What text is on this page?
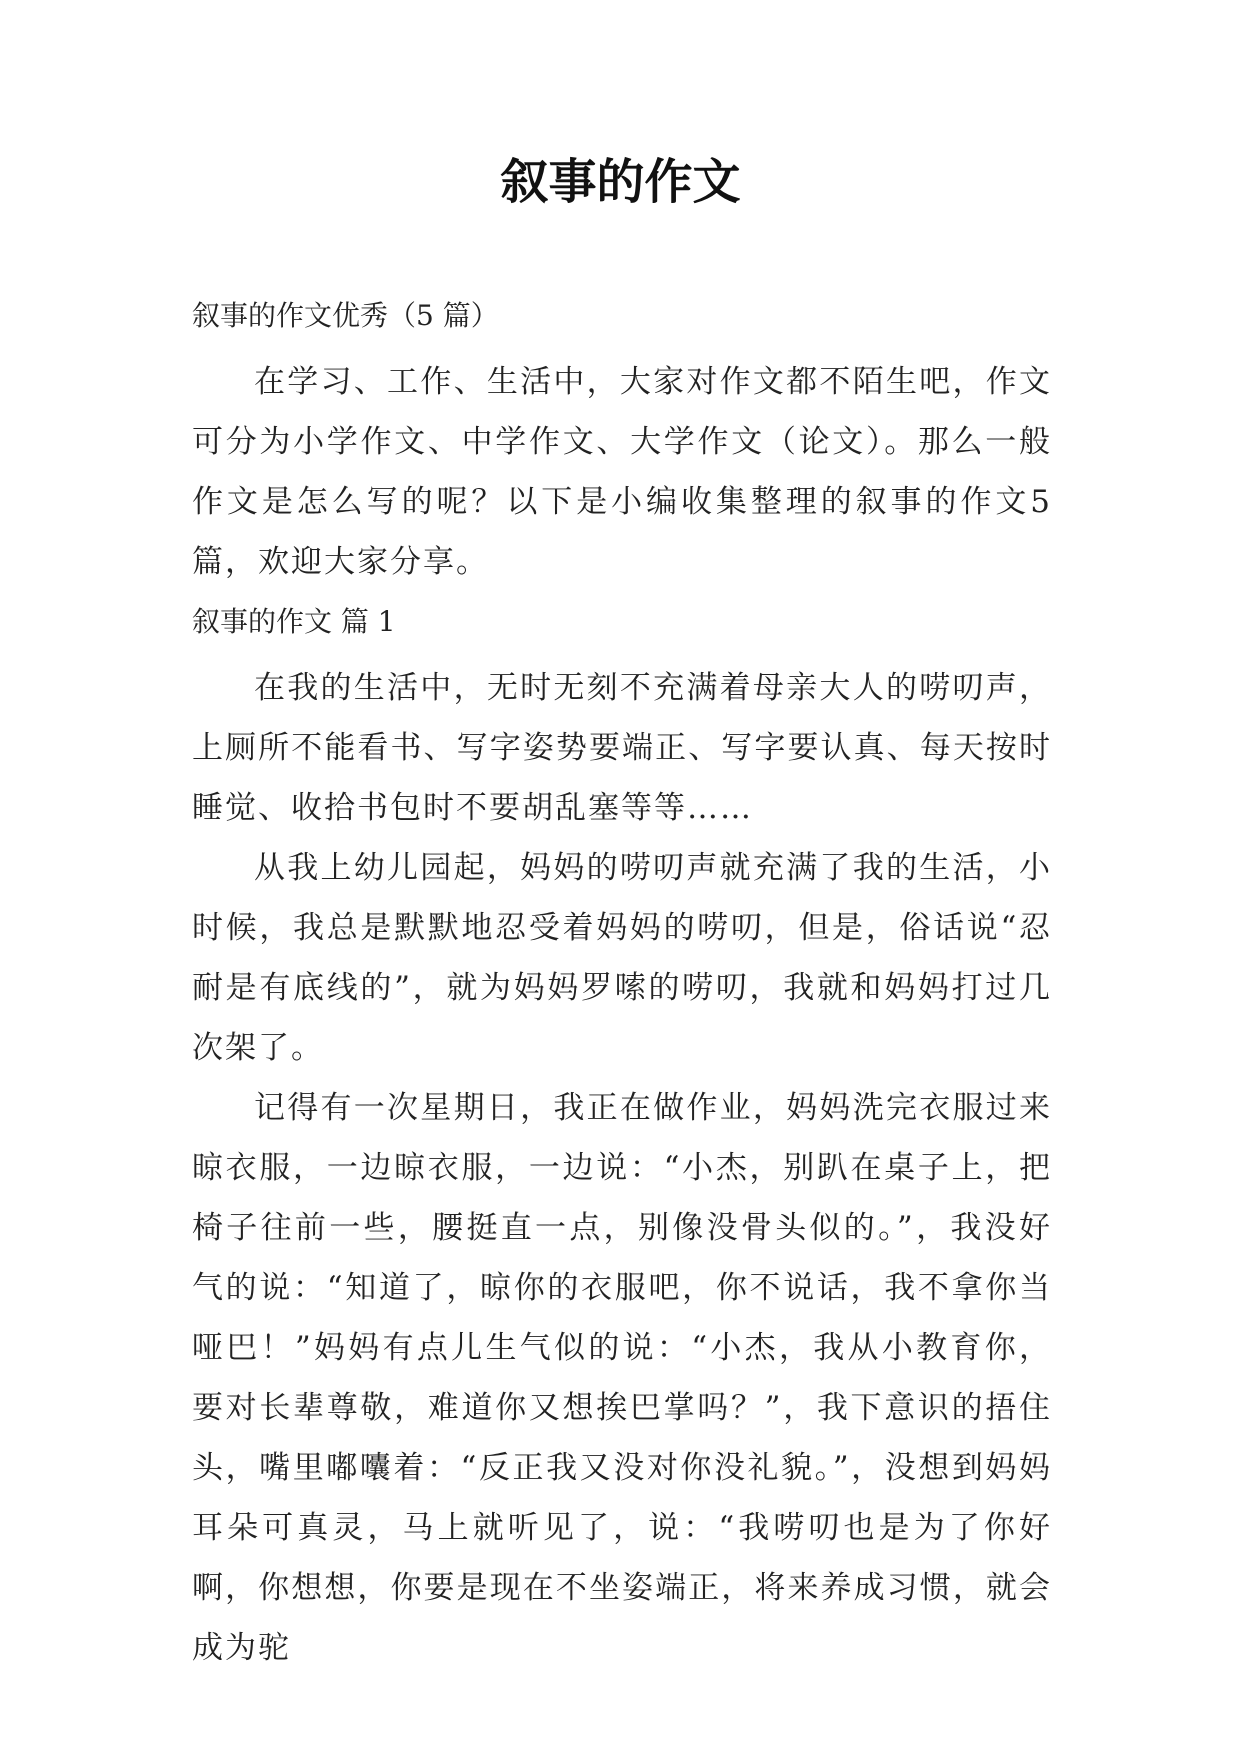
叙事的作文

叙事的作文优秀（5 篇）

在学习、工作、生活中，大家对作文都不陌生吧，作文可分为小学作文、中学作文、大学作文（论文）。那么一般作文是怎么写的呢？以下是小编收集整理的叙事的作文5篇，欢迎大家分享。

叙事的作文 篇 1

在我的生活中，无时无刻不充满着母亲大人的唠叨声，上厕所不能看书、写字姿势要端正、写字要认真、每天按时睡觉、收拾书包时不要胡乱塞等等……

从我上幼儿园起，妈妈的唠叨声就充满了我的生活，小时候，我总是默默地忍受着妈妈的唠叨，但是，俗话说“忍耐是有底线的”，就为妈妈罗嗦的唠叨，我就和妈妈打过几次架了。

记得有一次星期日，我正在做作业，妈妈洗完衣服过来晾衣服，一边晾衣服，一边说：“小杰，别趴在桌子上，把椅子往前一些，腰挺直一点，别像没骨头似的。”，我没好气的说：“知道了，晾你的衣服吧，你不说话，我不拿你当哑巴！”妈妈有点儿生气似的说：“小杰，我从小教育你，要对长辈尊敬，难道你又想挨巴掌吗？”，我下意识的捂住头，嘴里嘟囔着：“反正我又没对你没礼貌。”，没想到妈妈耳朵可真灵，马上就听见了，说：“我唠叨也是为了你好啊，你想想，你要是现在不坐姿端正，将来养成习惯，就会成为驼
